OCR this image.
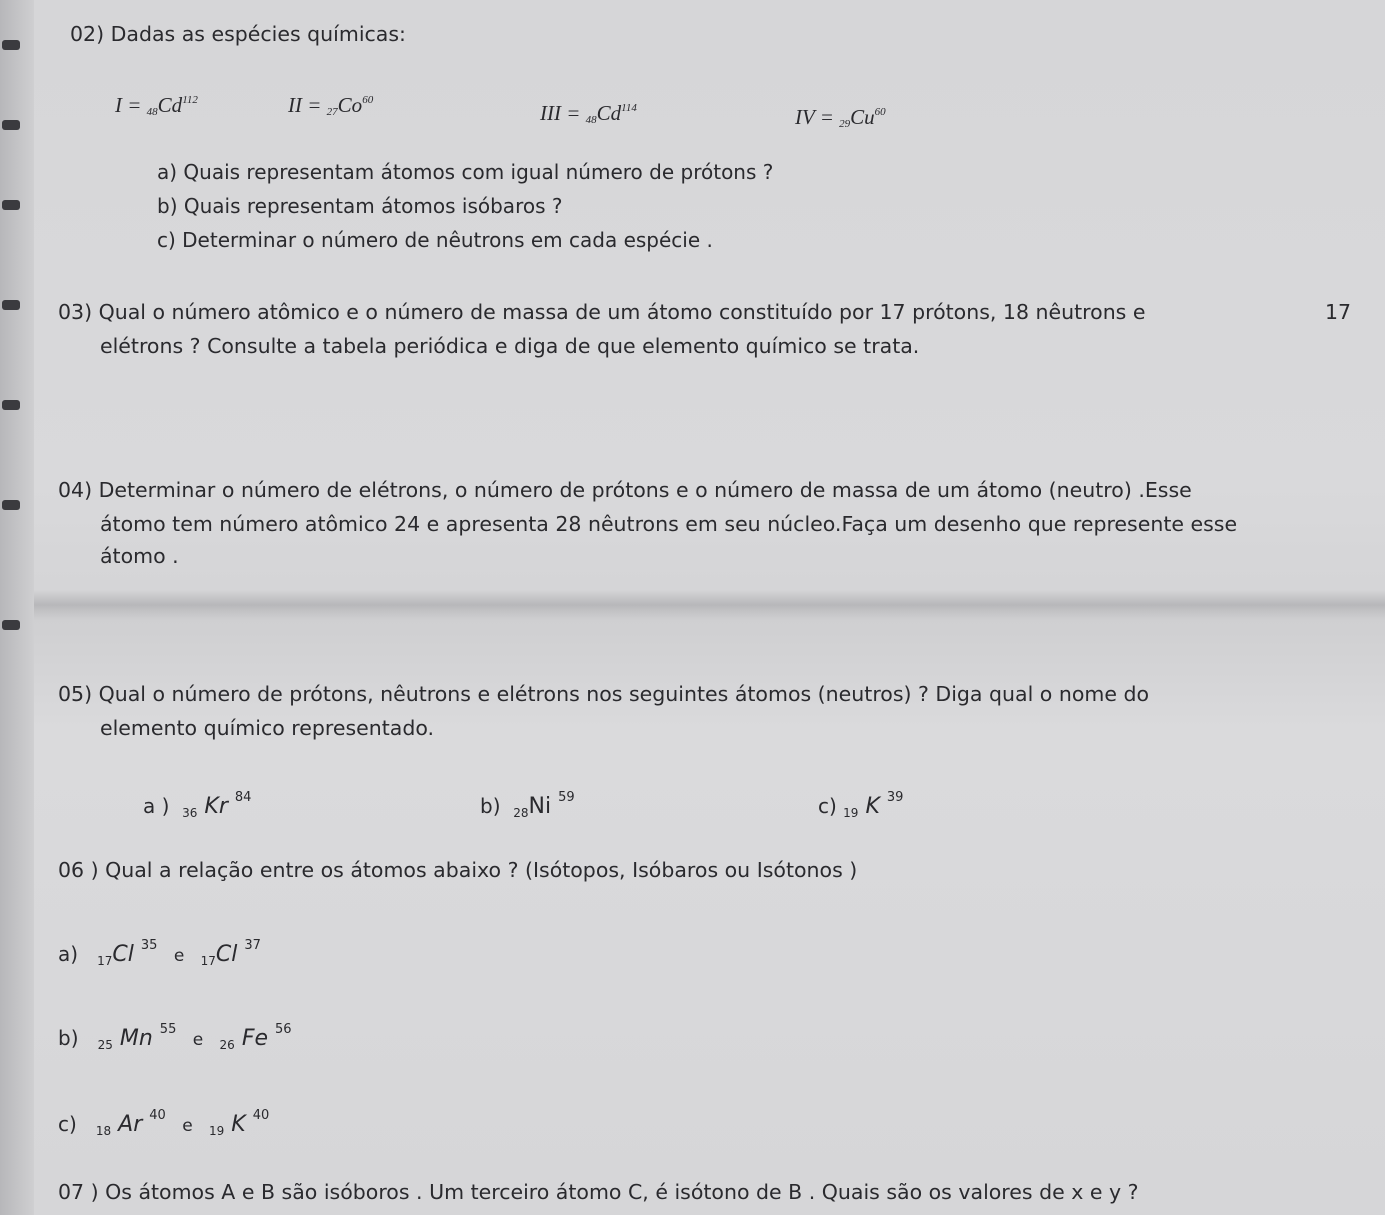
02) Dadas as espécies químicas:
$I = _{48}Cd^{112}$	II = $_{27}Co^{60}$
III = $_{48}Cd^{114}$	IV = $_{29}Cu^{60}$
a) Quais representam átomos com igual número de prótons ?
b) Quais representam átomos isóbaros ?
c) Determinar o número de nêutrons em cada espécie .
03) Qual o número atômico e o número de massa de um átomo constituído por 17 prótons, 18 nêutrons e	17
elétrons ? Consulte a tabela periódica e diga de que elemento químico se trata.
04) Determinar o número de elétrons, o número de prótons e o número de massa de um átomo (neutro) .Esse
átomo tem número atômico 24 e apresenta 28 nêutrons em seu núcleo.Faça um desenho que represente esse
átomo .
05) Qual o número de prótons, nêutrons e elétrons nos seguintes átomos (neutros) ? Diga qual o nome do
elemento químico representado.
a ) 36 Kr $^{84}$	b) 28Ni $^{59}$	c) 19 K $^{39}$
06 ) Qual a relação entre os átomos abaixo ? (Isótopos, Isóbaros ou Isótonos )
a) 17Cl $^{35}$ e 17Cl $^{37}$
b) 25 Mn $^{55}$ e 26 Fe $^{56}$
c) 18 Ar $^{40}$ e 19 K $^{40}$
07 ) Os átomos A e B são isóboros . Um terceiro átomo C, é isótono de B . Quais são os valores de x e y ?
